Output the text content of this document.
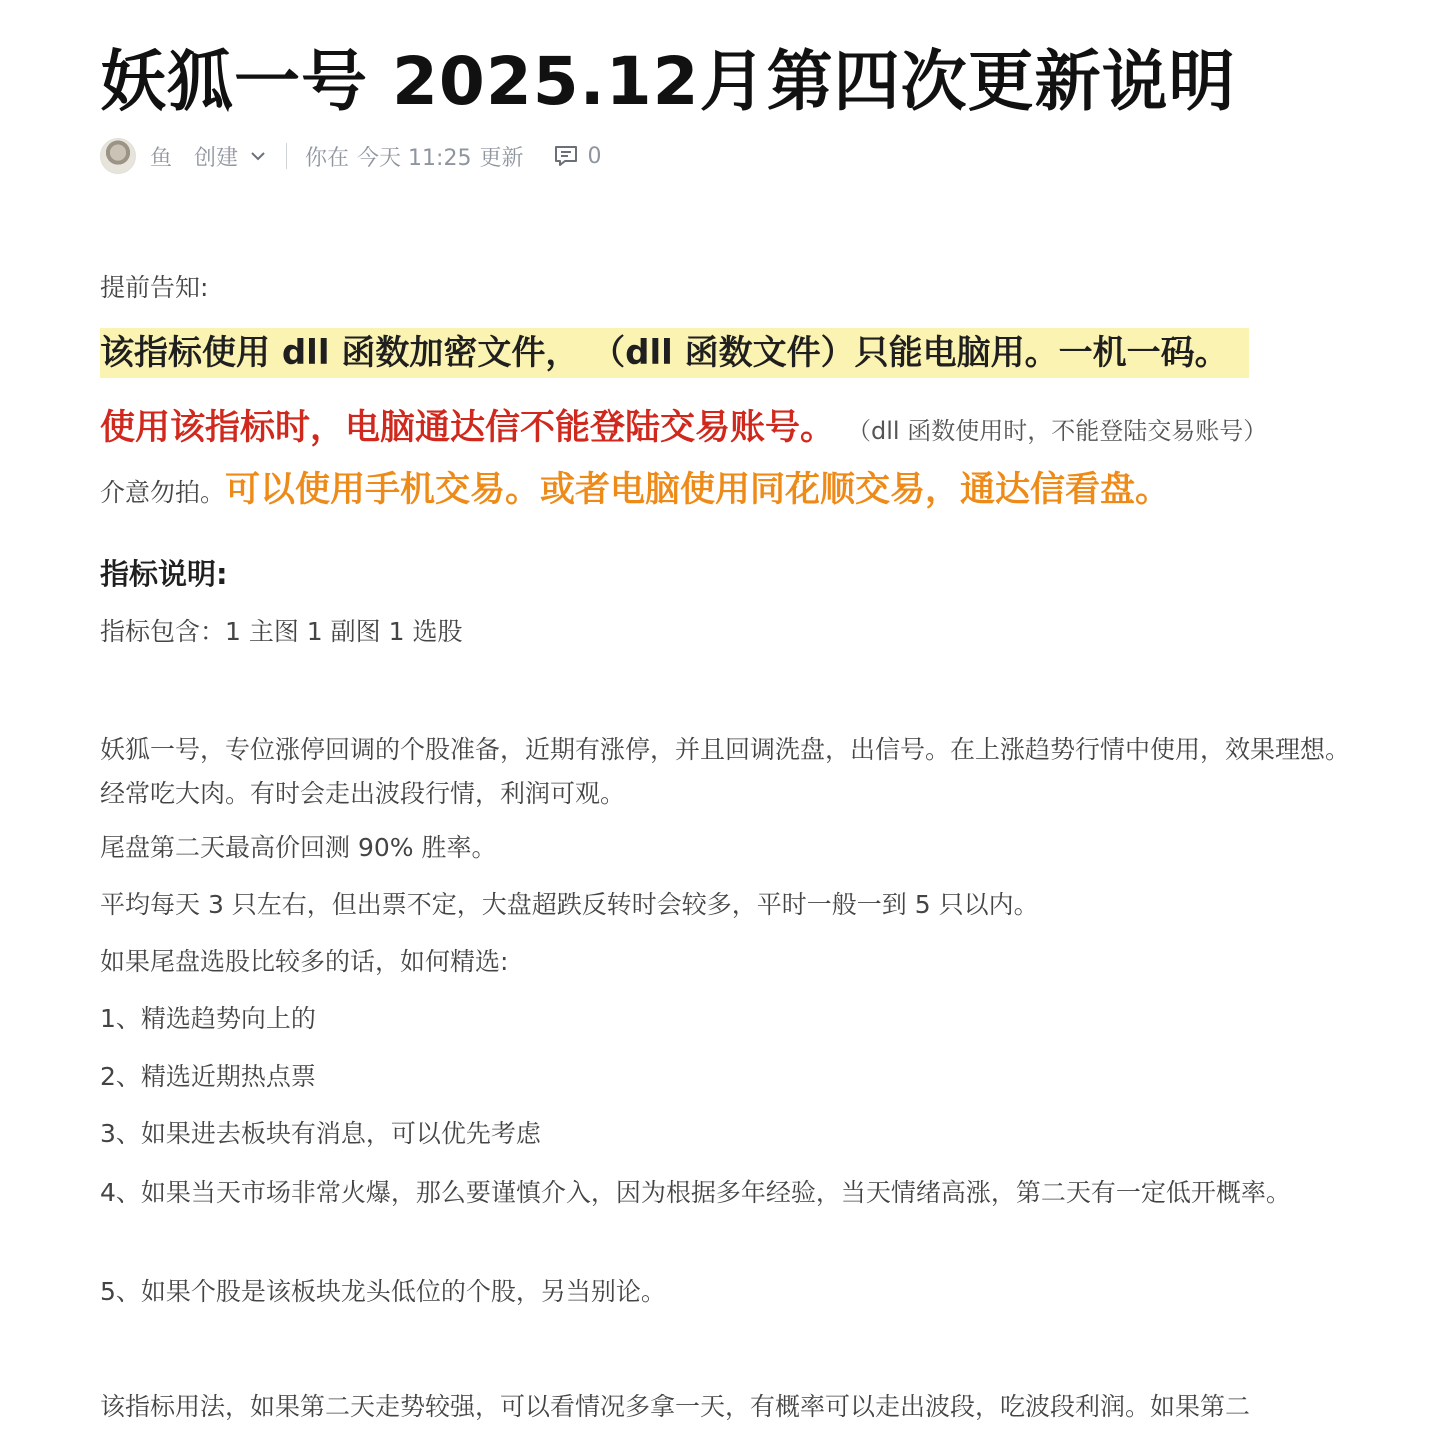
妖狐一号 2025.12月第四次更新说明
鱼 创建	你在 今天 11:25 更新	0
提前告知:
该指标使用 dll 函数加密文件， （dll 函数文件）只能电脑用。一机一码。
使用该指标时，电脑通达信不能登陆交易账号。 （dll 函数使用时，不能登陆交易账号）
介意勿拍。可以使用手机交易。或者电脑使用同花顺交易，通达信看盘。
指标说明:
指标包含：1 主图 1 副图 1 选股
妖狐一号，专位涨停回调的个股准备，近期有涨停，并且回调洗盘，出信号。在上涨趋势行情中使用，效果理想。经常吃大肉。有时会走出波段行情，利润可观。
尾盘第二天最高价回测 90% 胜率。
平均每天 3 只左右，但出票不定，大盘超跌反转时会较多，平时一般一到 5 只以内。
如果尾盘选股比较多的话，如何精选:
1、精选趋势向上的
2、精选近期热点票
3、如果进去板块有消息，可以优先考虑
4、如果当天市场非常火爆，那么要谨慎介入，因为根据多年经验，当天情绪高涨，第二天有一定低开概率。
5、如果个股是该板块龙头低位的个股，另当别论。
该指标用法，如果第二天走势较强，可以看情况多拿一天，有概率可以走出波段，吃波段利润。如果第二
